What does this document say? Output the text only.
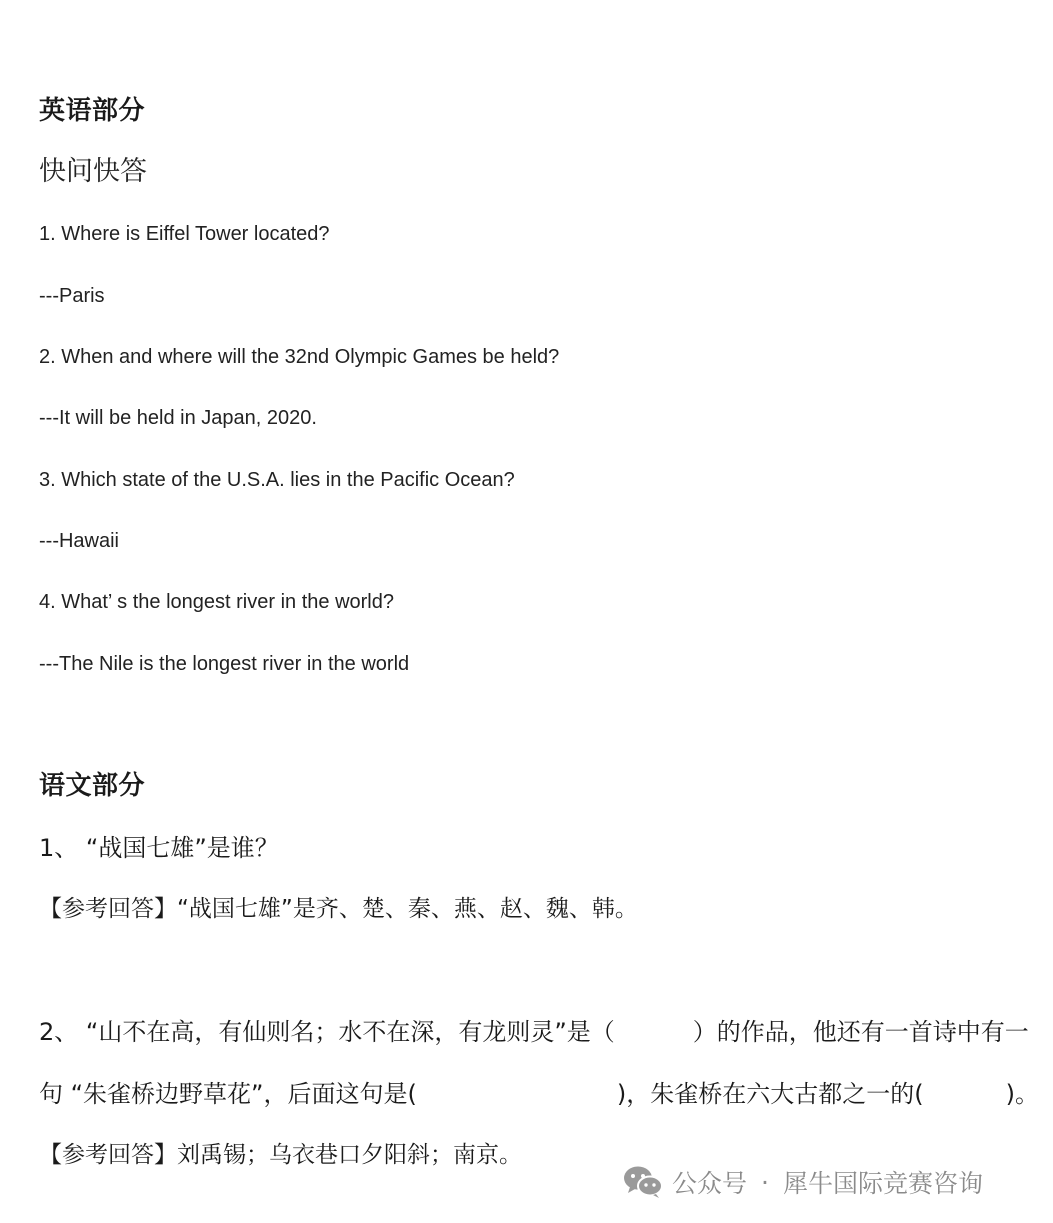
英语部分
快问快答
1. Where is Eiffel Tower located?
---Paris
2. When and where will the 32nd Olympic Games be held?
---It will be held in Japan, 2020.
3. Which state of the U.S.A. lies in the Pacific Ocean?
---Hawaii
4. What’ s the longest river in the world?
---The Nile is the longest river in the world
语文部分
1、 “战国七雄”是谁？
【参考回答】“战国七雄”是齐、楚、秦、燕、赵、魏、韩。
2、 “山不在高，有仙则名；水不在深，有龙则灵”是（	）的作品，他还有一首诗中有一
句 “朱雀桥边野草花”，后面这句是(	)，朱雀桥在六大古都之一的(	)。
【参考回答】刘禹锡；乌衣巷口夕阳斜；南京。
公众号 · 犀牛国际竞赛咨询
